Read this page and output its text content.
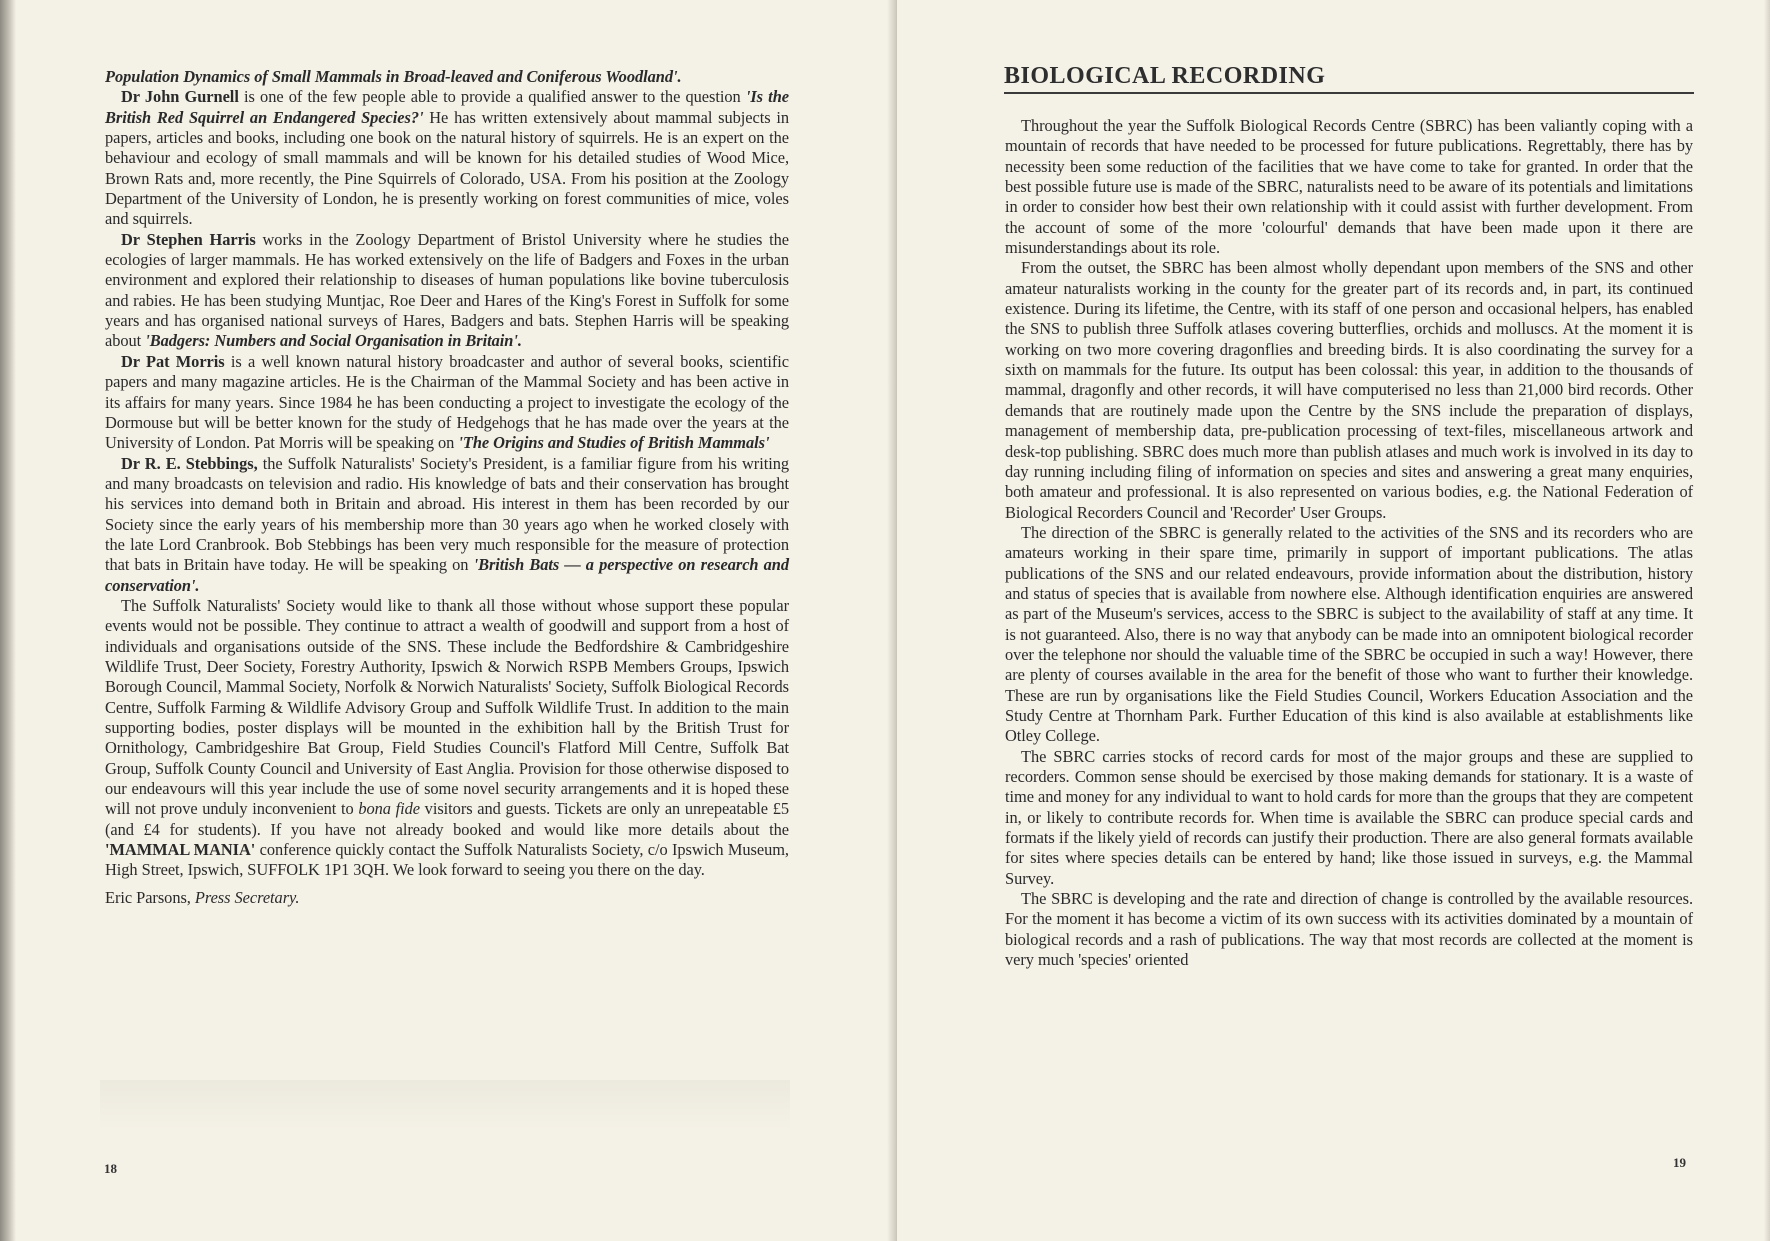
Population Dynamics of Small Mammals in Broad-leaved and Coniferous Woodland'.

Dr John Gurnell is one of the few people able to provide a qualified answer to the question 'Is the British Red Squirrel an Endangered Species?' He has written extensively about mammal subjects in papers, articles and books, including one book on the natural history of squirrels. He is an expert on the behaviour and ecology of small mammals and will be known for his detailed studies of Wood Mice, Brown Rats and, more recently, the Pine Squirrels of Colorado, USA. From his position at the Zoology Department of the University of London, he is presently working on forest communities of mice, voles and squirrels.

Dr Stephen Harris works in the Zoology Department of Bristol University where he studies the ecologies of larger mammals. He has worked extensively on the life of Badgers and Foxes in the urban environment and explored their relationship to diseases of human populations like bovine tuberculosis and rabies. He has been studying Muntjac, Roe Deer and Hares of the King's Forest in Suffolk for some years and has organised national surveys of Hares, Badgers and bats. Stephen Harris will be speaking about 'Badgers: Numbers and Social Organisation in Britain'.

Dr Pat Morris is a well known natural history broadcaster and author of several books, scientific papers and many magazine articles. He is the Chairman of the Mammal Society and has been active in its affairs for many years. Since 1984 he has been conducting a project to investigate the ecology of the Dormouse but will be better known for the study of Hedgehogs that he has made over the years at the University of London. Pat Morris will be speaking on 'The Origins and Studies of British Mammals'

Dr R. E. Stebbings, the Suffolk Naturalists' Society's President, is a familiar figure from his writing and many broadcasts on television and radio. His knowledge of bats and their conservation has brought his services into demand both in Britain and abroad. His interest in them has been recorded by our Society since the early years of his membership more than 30 years ago when he worked closely with the late Lord Cranbrook. Bob Stebbings has been very much responsible for the measure of protection that bats in Britain have today. He will be speaking on 'British Bats — a perspective on research and conservation'.

The Suffolk Naturalists' Society would like to thank all those without whose support these popular events would not be possible. They continue to attract a wealth of goodwill and support from a host of individuals and organisations outside of the SNS. These include the Bedfordshire & Cambridgeshire Wildlife Trust, Deer Society, Forestry Authority, Ipswich & Norwich RSPB Members Groups, Ipswich Borough Council, Mammal Society, Norfolk & Norwich Naturalists' Society, Suffolk Biological Records Centre, Suffolk Farming & Wildlife Advisory Group and Suffolk Wildlife Trust. In addition to the main supporting bodies, poster displays will be mounted in the exhibition hall by the British Trust for Ornithology, Cambridgeshire Bat Group, Field Studies Council's Flatford Mill Centre, Suffolk Bat Group, Suffolk County Council and University of East Anglia. Provision for those otherwise disposed to our endeavours will this year include the use of some novel security arrangements and it is hoped these will not prove unduly inconvenient to bona fide visitors and guests. Tickets are only an unrepeatable £5 (and £4 for students). If you have not already booked and would like more details about the 'MAMMAL MANIA' conference quickly contact the Suffolk Naturalists Society, c/o Ipswich Museum, High Street, Ipswich, SUFFOLK 1P1 3QH. We look forward to seeing you there on the day.

Eric Parsons, Press Secretary.

18
BIOLOGICAL RECORDING

Throughout the year the Suffolk Biological Records Centre (SBRC) has been valiantly coping with a mountain of records that have needed to be processed for future publications. Regrettably, there has by necessity been some reduction of the facilities that we have come to take for granted. In order that the best possible future use is made of the SBRC, naturalists need to be aware of its potentials and limitations in order to consider how best their own relationship with it could assist with further development. From the account of some of the more 'colourful' demands that have been made upon it there are misunderstandings about its role.

From the outset, the SBRC has been almost wholly dependant upon members of the SNS and other amateur naturalists working in the county for the greater part of its records and, in part, its continued existence. During its lifetime, the Centre, with its staff of one person and occasional helpers, has enabled the SNS to publish three Suffolk atlases covering butterflies, orchids and molluscs. At the moment it is working on two more covering dragonflies and breeding birds. It is also coordinating the survey for a sixth on mammals for the future. Its output has been colossal: this year, in addition to the thousands of mammal, dragonfly and other records, it will have computerised no less than 21,000 bird records. Other demands that are routinely made upon the Centre by the SNS include the preparation of displays, management of membership data, pre-publication processing of text-files, miscellaneous artwork and desk-top publishing. SBRC does much more than publish atlases and much work is involved in its day to day running including filing of information on species and sites and answering a great many enquiries, both amateur and professional. It is also represented on various bodies, e.g. the National Federation of Biological Recorders Council and 'Recorder' User Groups.

The direction of the SBRC is generally related to the activities of the SNS and its recorders who are amateurs working in their spare time, primarily in support of important publications. The atlas publications of the SNS and our related endeavours, provide information about the distribution, history and status of species that is available from nowhere else. Although identification enquiries are answered as part of the Museum's services, access to the SBRC is subject to the availability of staff at any time. It is not guaranteed. Also, there is no way that anybody can be made into an omnipotent biological recorder over the telephone nor should the valuable time of the SBRC be occupied in such a way! However, there are plenty of courses available in the area for the benefit of those who want to further their knowledge. These are run by organisations like the Field Studies Council, Workers Education Association and the Study Centre at Thornham Park. Further Education of this kind is also available at establishments like Otley College.

The SBRC carries stocks of record cards for most of the major groups and these are supplied to recorders. Common sense should be exercised by those making demands for stationary. It is a waste of time and money for any individual to want to hold cards for more than the groups that they are competent in, or likely to contribute records for. When time is available the SBRC can produce special cards and formats if the likely yield of records can justify their production. There are also general formats available for sites where species details can be entered by hand; like those issued in surveys, e.g. the Mammal Survey.

The SBRC is developing and the rate and direction of change is controlled by the available resources. For the moment it has become a victim of its own success with its activities dominated by a mountain of biological records and a rash of publications. The way that most records are collected at the moment is very much 'species' oriented

19
